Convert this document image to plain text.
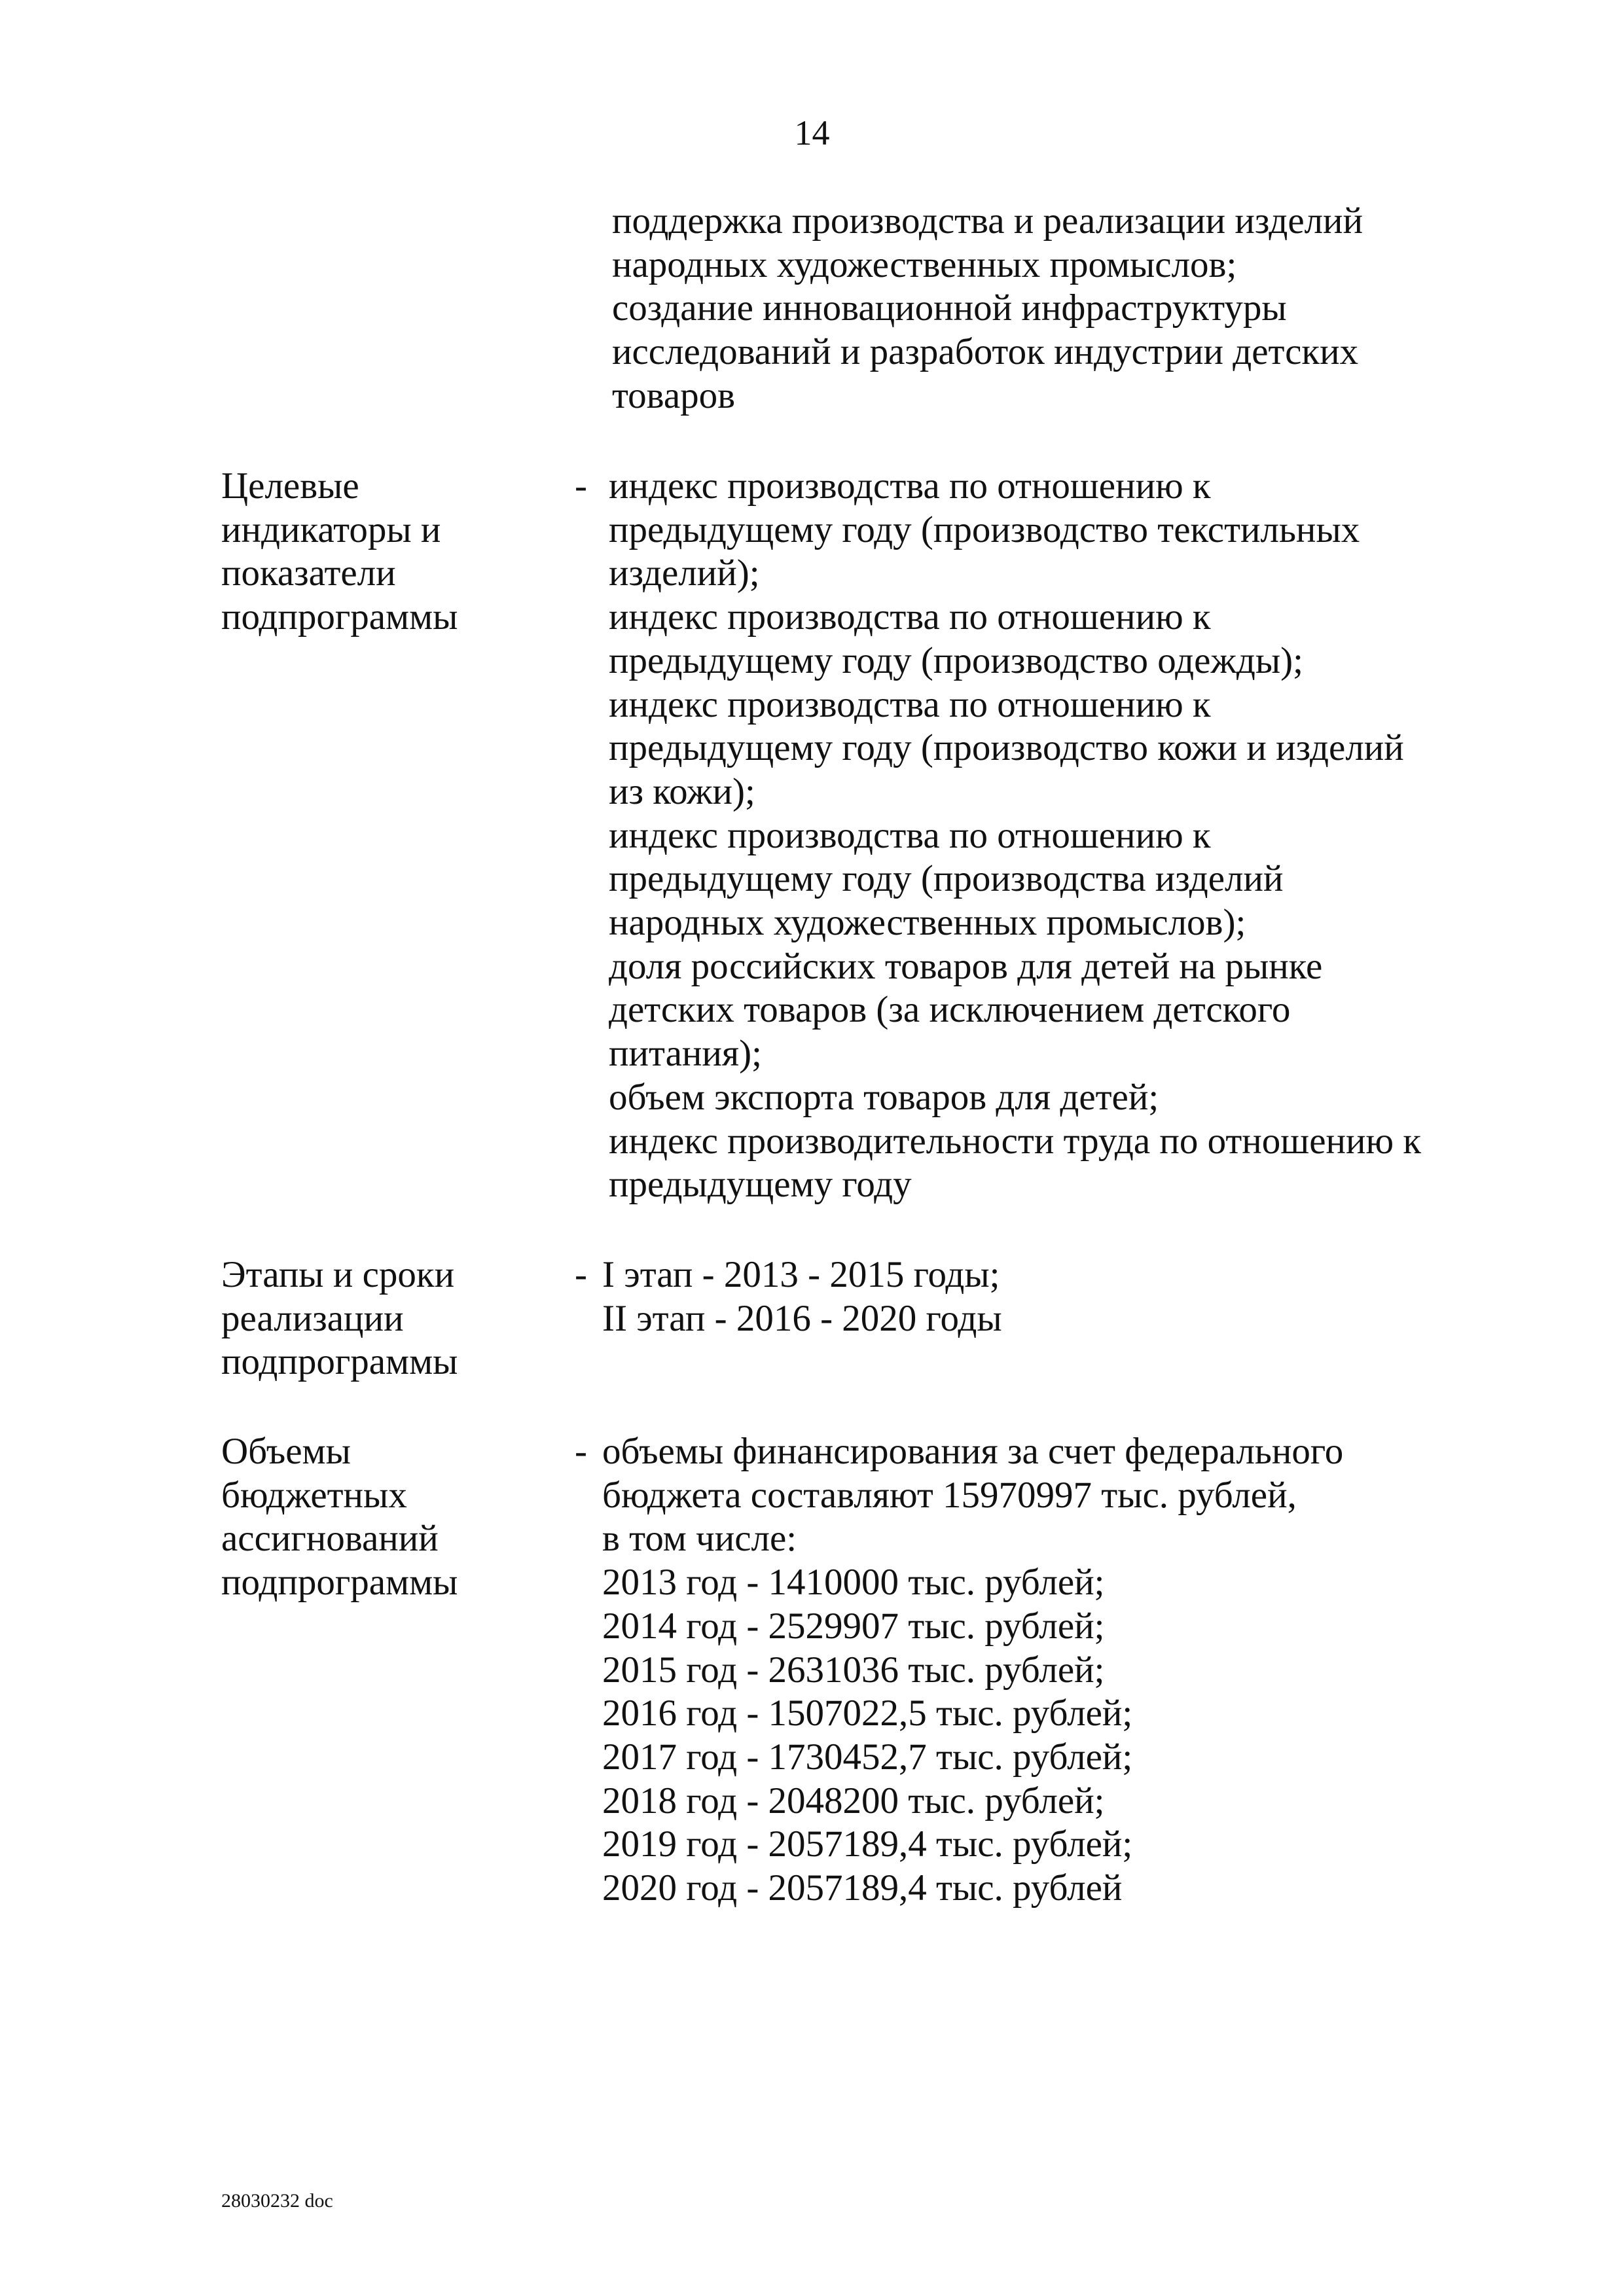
14
поддержка производства и реализации изделий
народных художественных промыслов;
создание инновационной инфраструктуры
исследований и разработок индустрии детских
товаров
Целевые
индикаторы и
показатели
подпрограммы
- индекс производства по отношению к
предыдущему году (производство текстильных
изделий);
индекс производства по отношению к
предыдущему году (производство одежды);
индекс производства по отношению к
предыдущему году (производство кожи и изделий
из кожи);
индекс производства по отношению к
предыдущему году (производства изделий
народных художественных промыслов);
доля российских товаров для детей на рынке
детских товаров (за исключением детского
питания);
объем экспорта товаров для детей;
индекс производительности труда по отношению к
предыдущему году
Этапы и сроки
реализации
подпрограммы
- I этап - 2013 - 2015 годы;
II этап - 2016 - 2020 годы
Объемы
бюджетных
ассигнований
подпрограммы
- объемы финансирования за счет федерального
бюджета составляют 15970997 тыс. рублей,
в том числе:
2013 год - 1410000 тыс. рублей;
2014 год - 2529907 тыс. рублей;
2015 год - 2631036 тыс. рублей;
2016 год - 1507022,5 тыс. рублей;
2017 год - 1730452,7 тыс. рублей;
2018 год - 2048200 тыс. рублей;
2019 год - 2057189,4 тыс. рублей;
2020 год - 2057189,4 тыс. рублей
28030232 doc
